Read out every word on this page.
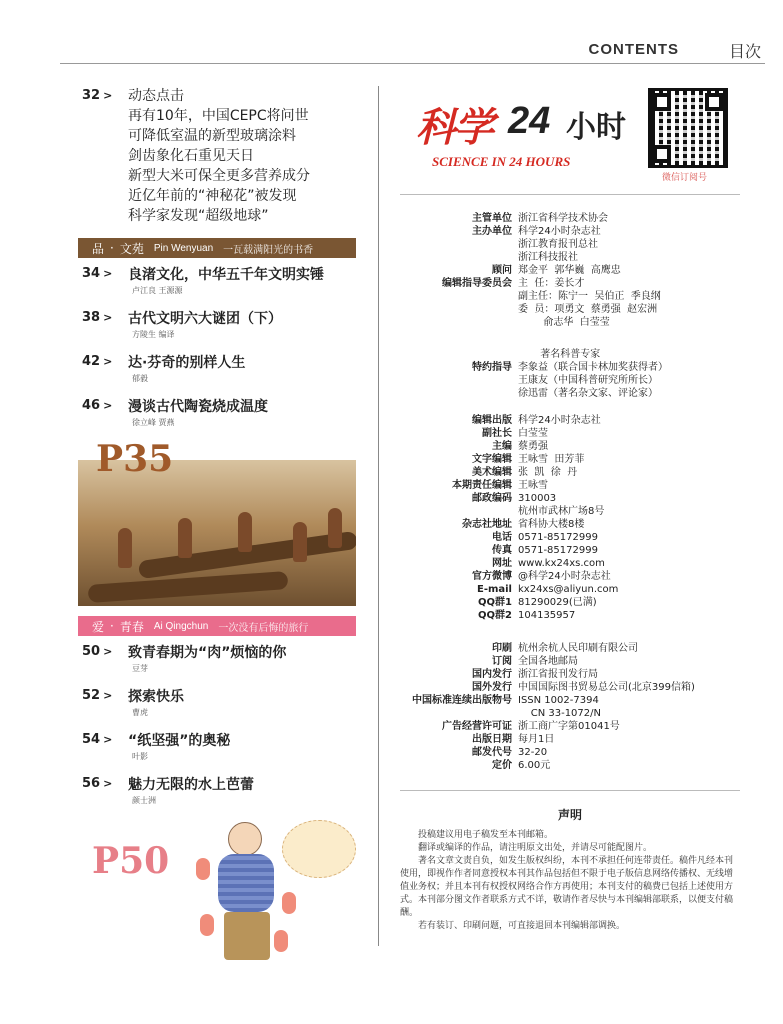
CONTENTS	目次
32 > 动态点击
再有10年，中国CEPC将问世
可降低室温的新型玻璃涂料
剑齿象化石重见天日
新型大米可保全更多营养成分
近亿年前的“神秘花”被发现
科学家发现“超级地球”
品 · 文苑 Pin Wenyuan 一瓦载满阳光的书香
34 > 良渚文化，中华五千年文明实锤
卢江良 王源源
38 > 古代文明六大谜团（下）
方陵生 编译
42 > 达·芬奇的别样人生
郁毅
46 > 漫谈古代陶瓷烧成温度
徐立峰 贾燕
P35
爱 · 青春 Ai Qingchun 一次没有后悔的旅行
50 > 致青春期为“肉”烦恼的你
豆芽
52 > 探索快乐
曹虎
54 > “纸坚强”的奥秘
叶影
56 > 魅力无限的水上芭蕾
颜士洲
P50
科学 24 小时
SCIENCE IN 24 HOURS
微信订阅号
主管单位 浙江省科学技术协会
主办单位 科学24小时杂志社
浙江教育报刊总社
浙江科技报社
顾问 郑金平  郭华巍  高鹰忠
编辑指导委员会 主  任：姜长才
副主任：陈宁一  吴伯正  季良纲
委  员：项勇文  蔡勇强  赵宏洲
俞志华  白莹莹
著名科普专家
特约指导 李象益（联合国卡林加奖获得者）
王康友（中国科普研究所所长）
徐迅雷（著名杂文家、评论家）
编辑出版 科学24小时杂志社
副社长 白莹莹
主编 蔡勇强
文字编辑 王咏雪  田芳菲
美术编辑 张  凯  徐  丹
本期责任编辑 王咏雪
邮政编码 310003
杭州市武林广场8号
杂志社地址 省科协大楼8楼
电话 0571-85172999
传真 0571-85172999
网址 www.kx24xs.com
官方微博 @科学24小时杂志社
E-mail kx24xs@aliyun.com
QQ群1 81290029(已满)
QQ群2 104135957
印刷 杭州余杭人民印刷有限公司
订阅 全国各地邮局
国内发行 浙江省报刊发行局
国外发行 中国国际图书贸易总公司(北京399信箱)
中国标准连续出版物号 ISSN 1002-7394
CN 33-1072/N
广告经营许可证 浙工商广字第01041号
出版日期 每月1日
邮发代号 32-20
定价 6.00元
声明

投稿建议用电子稿发至本刊邮箱。

翻译或编译的作品，请注明原文出处，并请尽可能配图片。

著名文章文责自负，如发生版权纠纷，本刊不承担任何连带责任。稿件凡经本刊使用，即视作作者同意授权本刊其作品包括但不限于电子版信息网络传播权、无线增值业务权；并且本刊有权授权网络合作方再使用；本刊支付的稿费已包括上述使用方式。本刊部分图文作者联系方式不详，敬请作者尽快与本刊编辑部联系，以便支付稿酬。

若有装订、印刷问题，可直接退回本刊编辑部调换。
